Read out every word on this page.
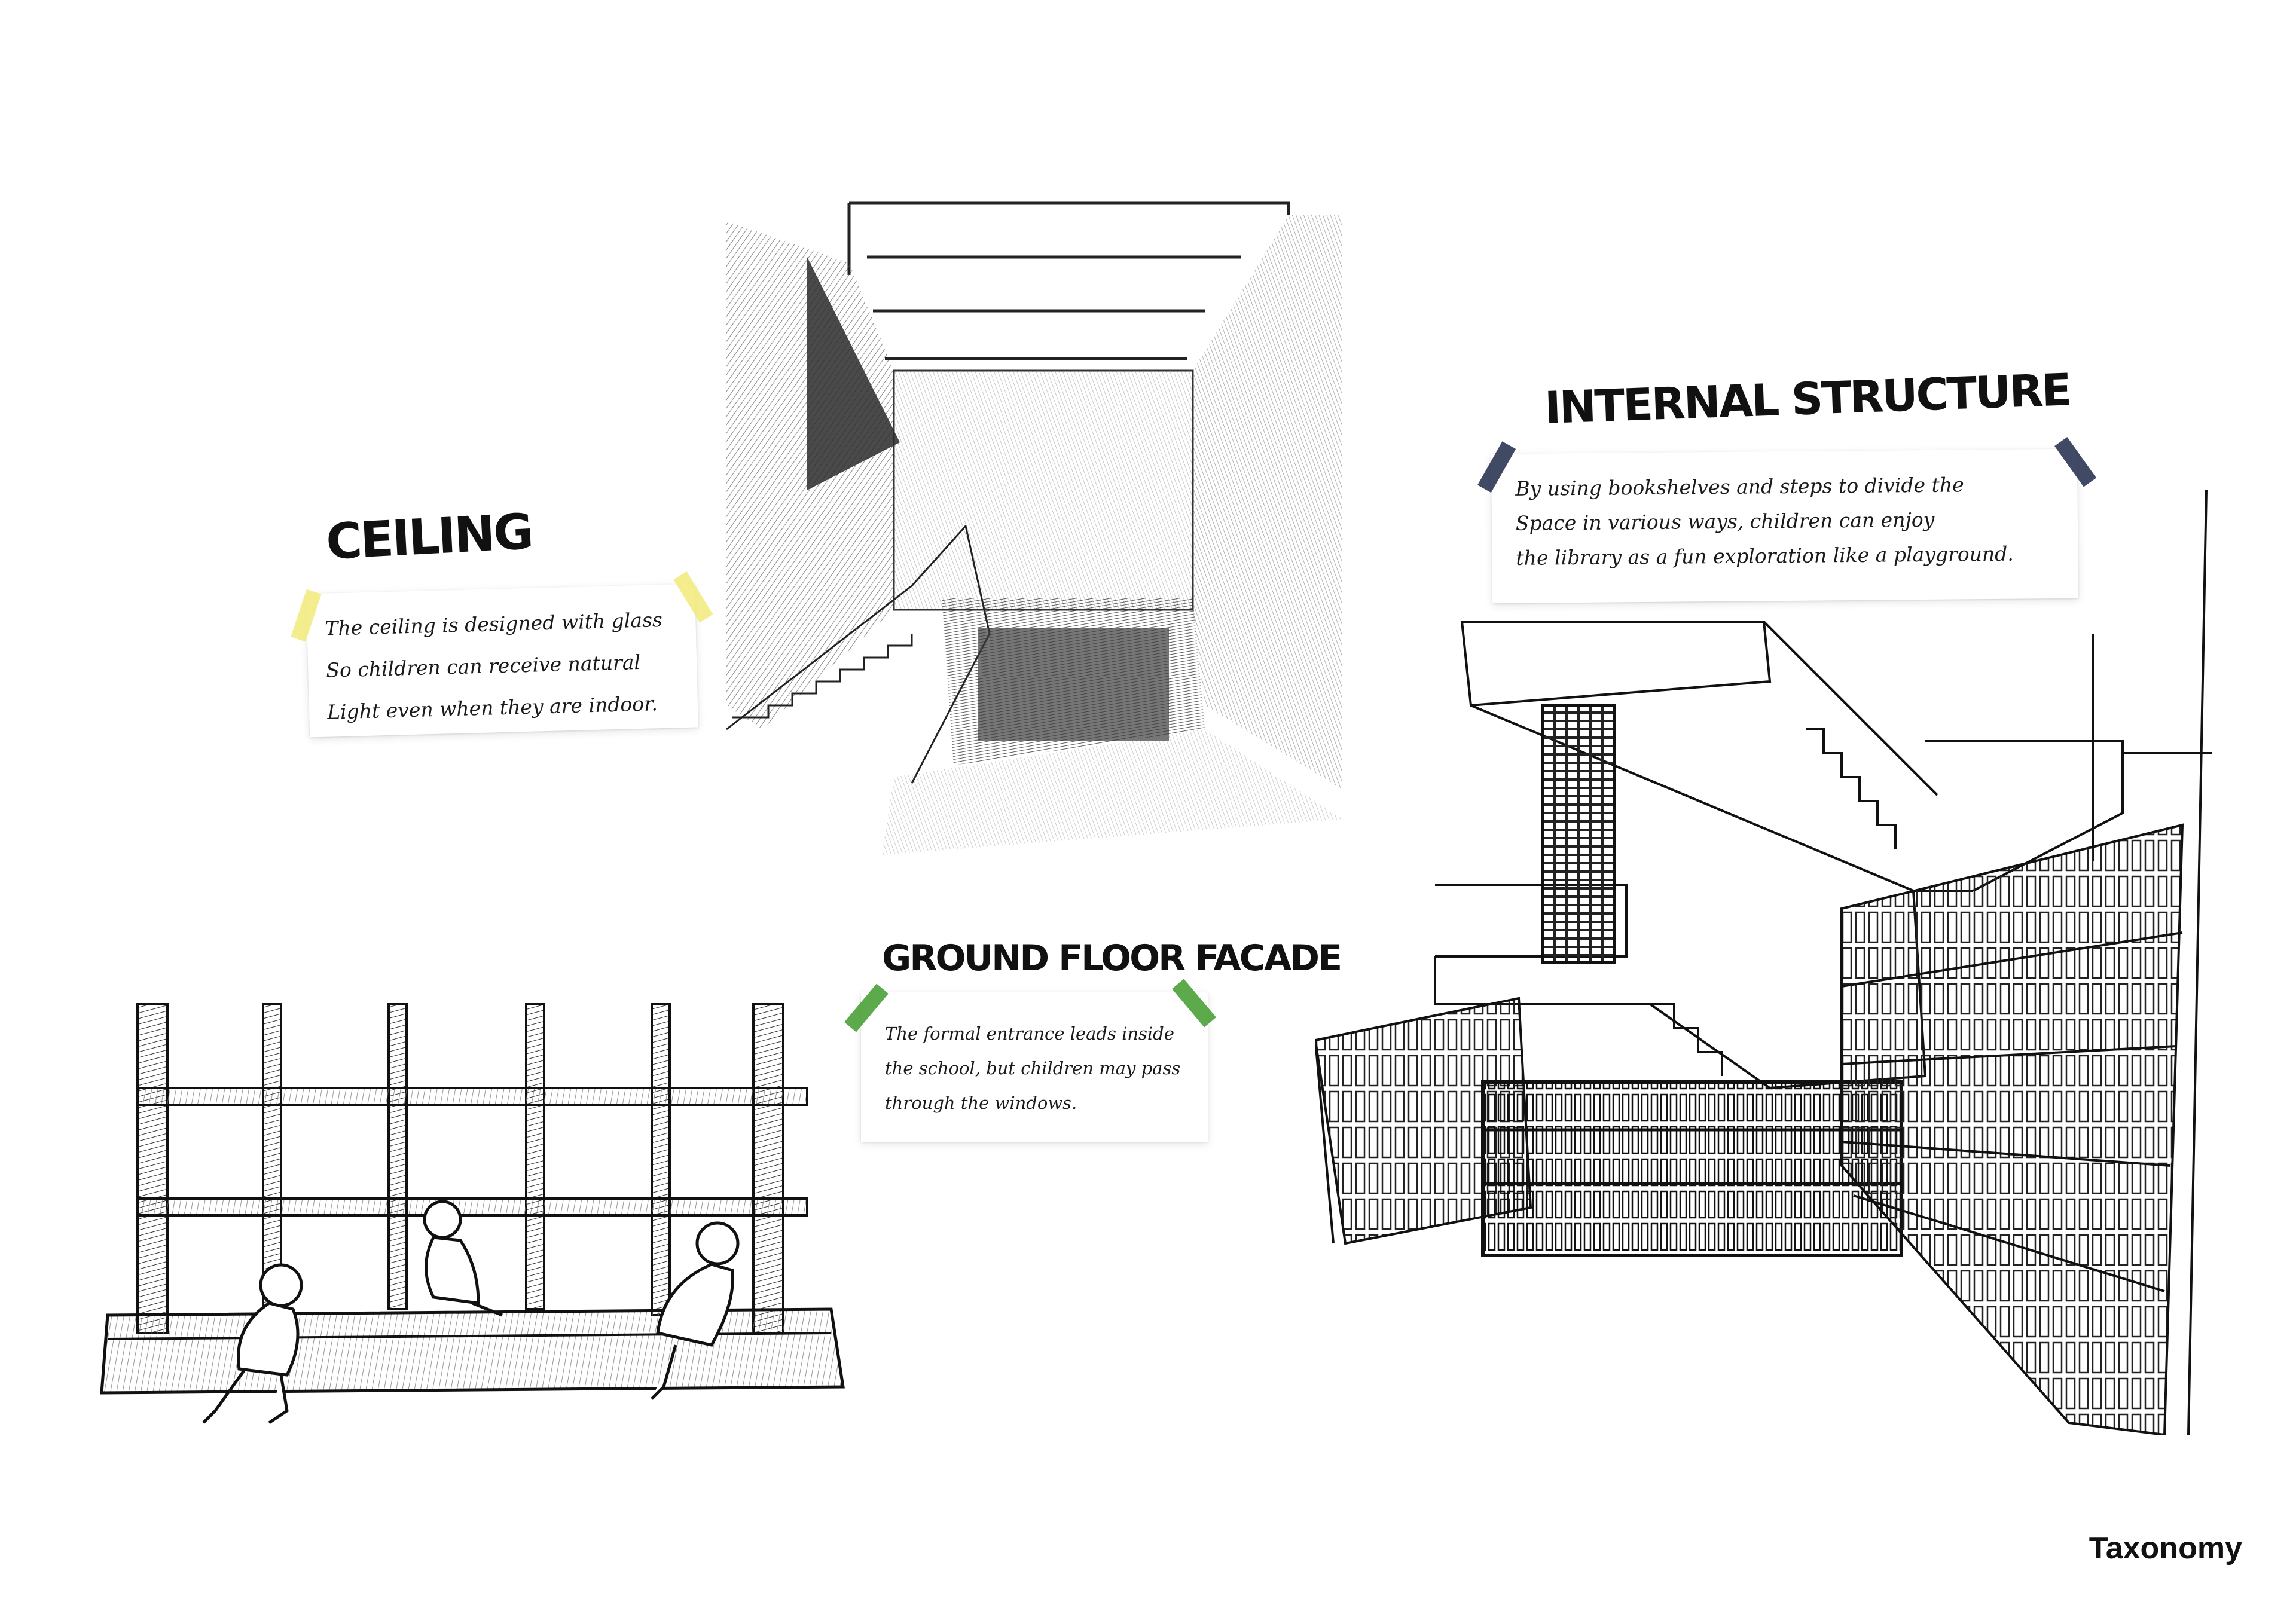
CEILING
The ceiling is designed with glass
So children can receive natural
Light even when they are indoor.
INTERNAL STRUCTURE
By using bookshelves and steps to divide the
Space in various ways, children can enjoy
the library as a fun exploration like a playground.
GROUND FLOOR FACADE
The formal entrance leads inside
the school, but children may pass
through the windows.
Taxonomy
